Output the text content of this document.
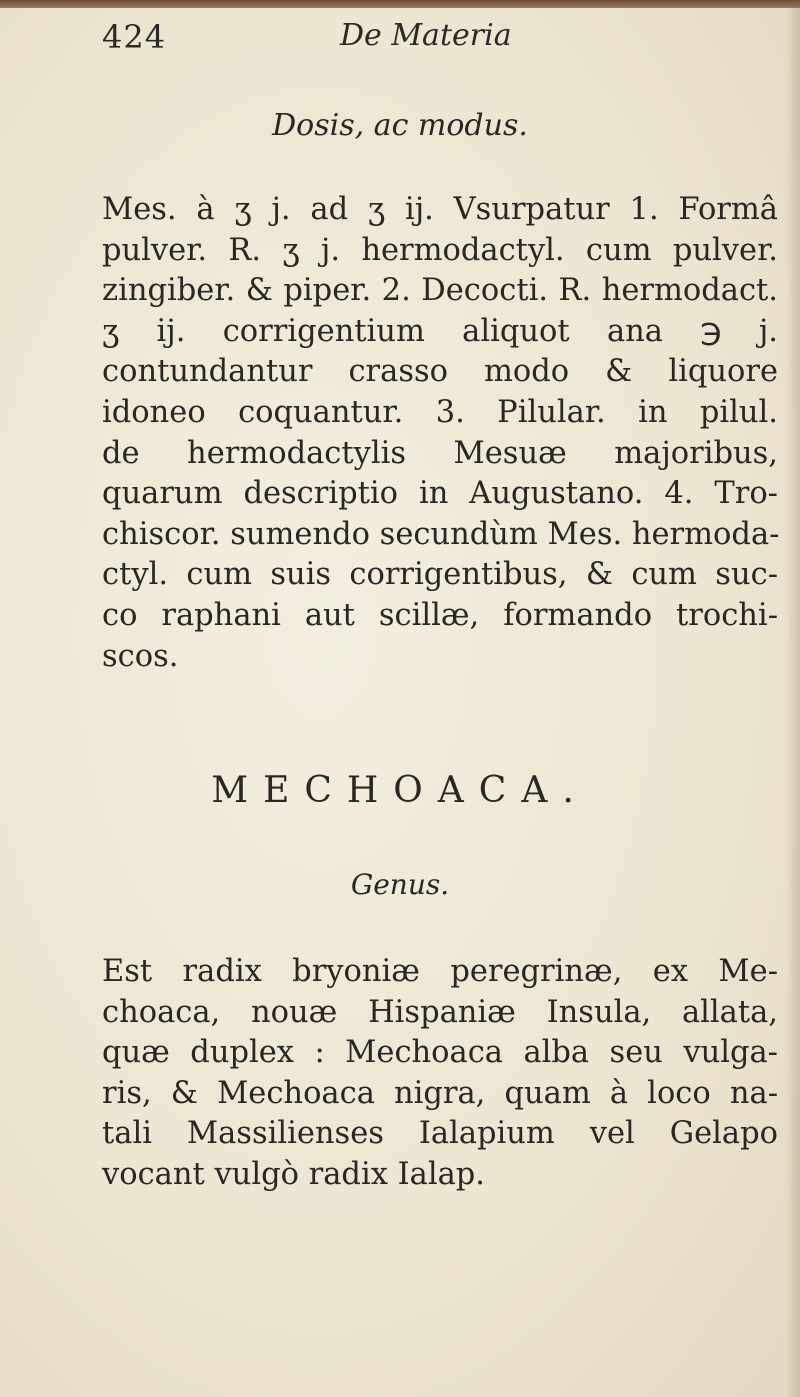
424	De Materia
Dosis, ac modus.
Mes. à ʒ j. ad ʒ ij. Vsurpatur 1. Formâ
pulver. R. ʒ j. hermodactyl. cum pulver.
zingiber. & piper. 2. Decocti. R. hermodact.
ʒ ij. corrigentium aliquot ana ℈ j.
contundantur crasso modo & liquore
idoneo coquantur. 3. Pilular. in pilul.
de hermodactylis Mesuæ majoribus,
quarum descriptio in Augustano. 4. Tro-
chiscor. sumendo secundùm Mes. hermoda-
ctyl. cum suis corrigentibus, & cum suc-
co raphani aut scillæ, formando trochi-
scos.
MECHOACA.
Genus.
Est radix bryoniæ peregrinæ, ex Me-
choaca, nouæ Hispaniæ Insula, allata,
quæ duplex : Mechoaca alba seu vulga-
ris, & Mechoaca nigra, quam à loco na-
tali Massilienses Ialapium vel Gelapo
vocant vulgò radix Ialap.
